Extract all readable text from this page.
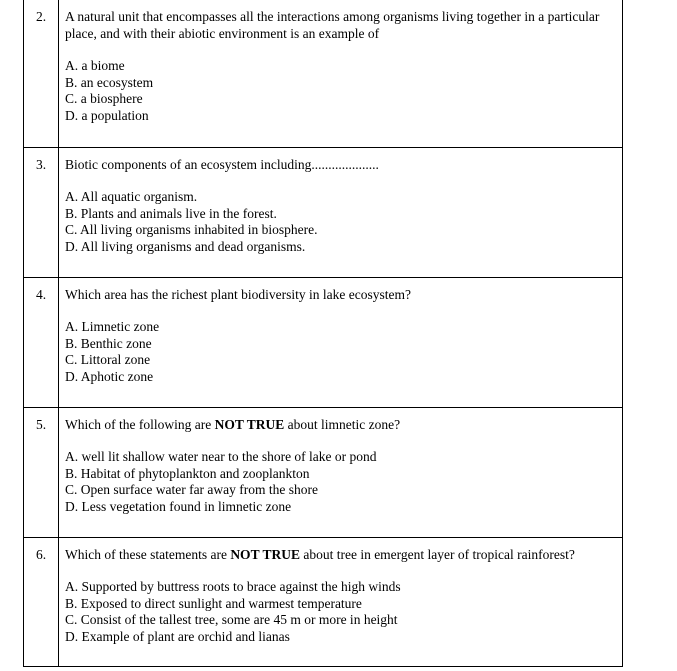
2.	A natural unit that encompasses all the interactions among organisms living together in a particular place, and with their abiotic environment is an example of

A. a biome
B. an ecosystem
C. a biosphere
D. a population
3.	Biotic components of an ecosystem including....................

A. All aquatic organism.
B. Plants and animals live in the forest.
C. All living organisms inhabited in biosphere.
D. All living organisms and dead organisms.
4.	Which area has the richest plant biodiversity in lake ecosystem?

A. Limnetic zone
B. Benthic zone
C. Littoral zone
D. Aphotic zone
5.	Which of the following are NOT TRUE about limnetic zone?

A. well lit shallow water near to the shore of lake or pond
B. Habitat of phytoplankton and zooplankton
C. Open surface water far away from the shore
D. Less vegetation found in limnetic zone
6.	Which of these statements are NOT TRUE about tree in emergent layer of tropical rainforest?

A. Supported by buttress roots to brace against the high winds
B. Exposed to direct sunlight and warmest temperature
C. Consist of the tallest tree, some are 45 m or more in height
D. Example of plant are orchid and lianas
